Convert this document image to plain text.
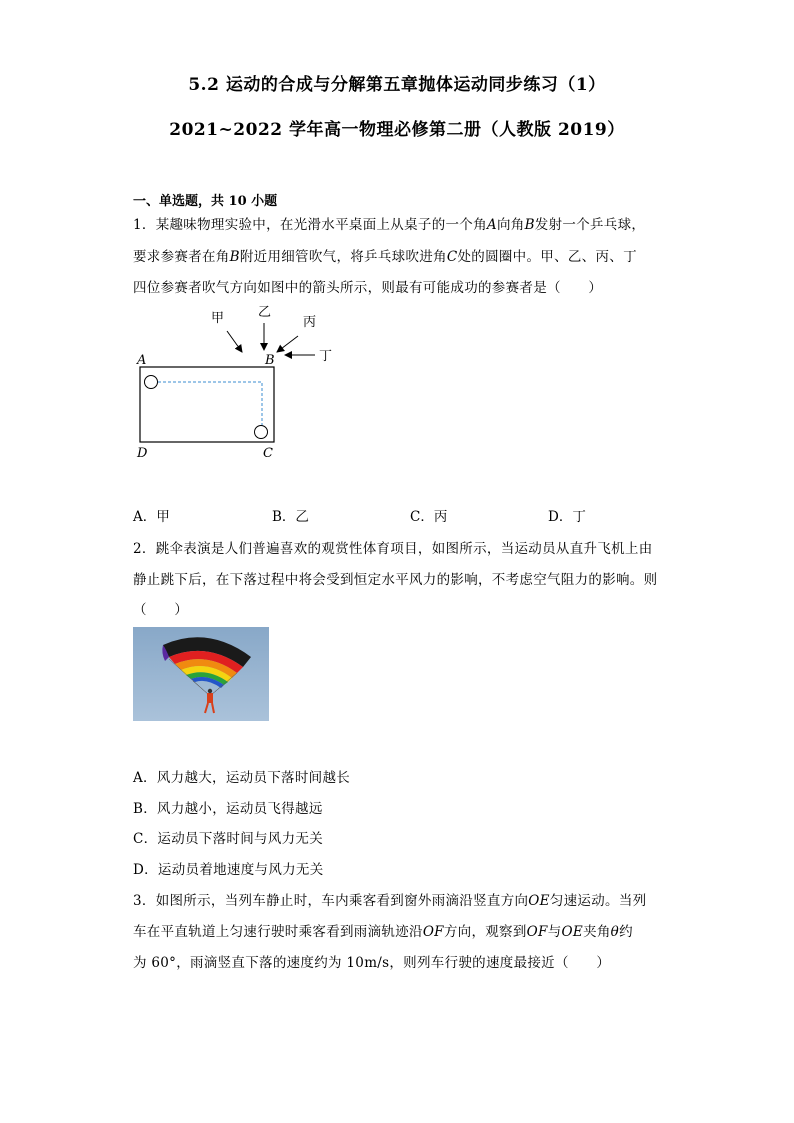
5.2 运动的合成与分解第五章抛体运动同步练习（1）
2021~2022 学年高一物理必修第二册（人教版 2019）
一、单选题，共 10 小题
1．某趣味物理实验中，在光滑水平桌面上从桌子的一个角A向角B发射一个乒乓球，
要求参赛者在角B附近用细管吹气，将乒乓球吹进角C处的圆圈中。甲、乙、丙、丁
四位参赛者吹气方向如图中的箭头所示，则最有可能成功的参赛者是（　　）
甲	乙
丙
丁
A	B
D	C
A．甲	B．乙	C．丙	D．丁
2．跳伞表演是人们普遍喜欢的观赏性体育项目，如图所示，当运动员从直升飞机上由
静止跳下后，在下落过程中将会受到恒定水平风力的影响，不考虑空气阻力的影响。则
（　　）
A．风力越大，运动员下落时间越长
B．风力越小，运动员飞得越远
C．运动员下落时间与风力无关
D．运动员着地速度与风力无关
3．如图所示，当列车静止时，车内乘客看到窗外雨滴沿竖直方向OE匀速运动。当列
车在平直轨道上匀速行驶时乘客看到雨滴轨迹沿OF方向，观察到OF与OE夹角θ约
为 60°，雨滴竖直下落的速度约为 10m/s，则列车行驶的速度最接近（　　）
